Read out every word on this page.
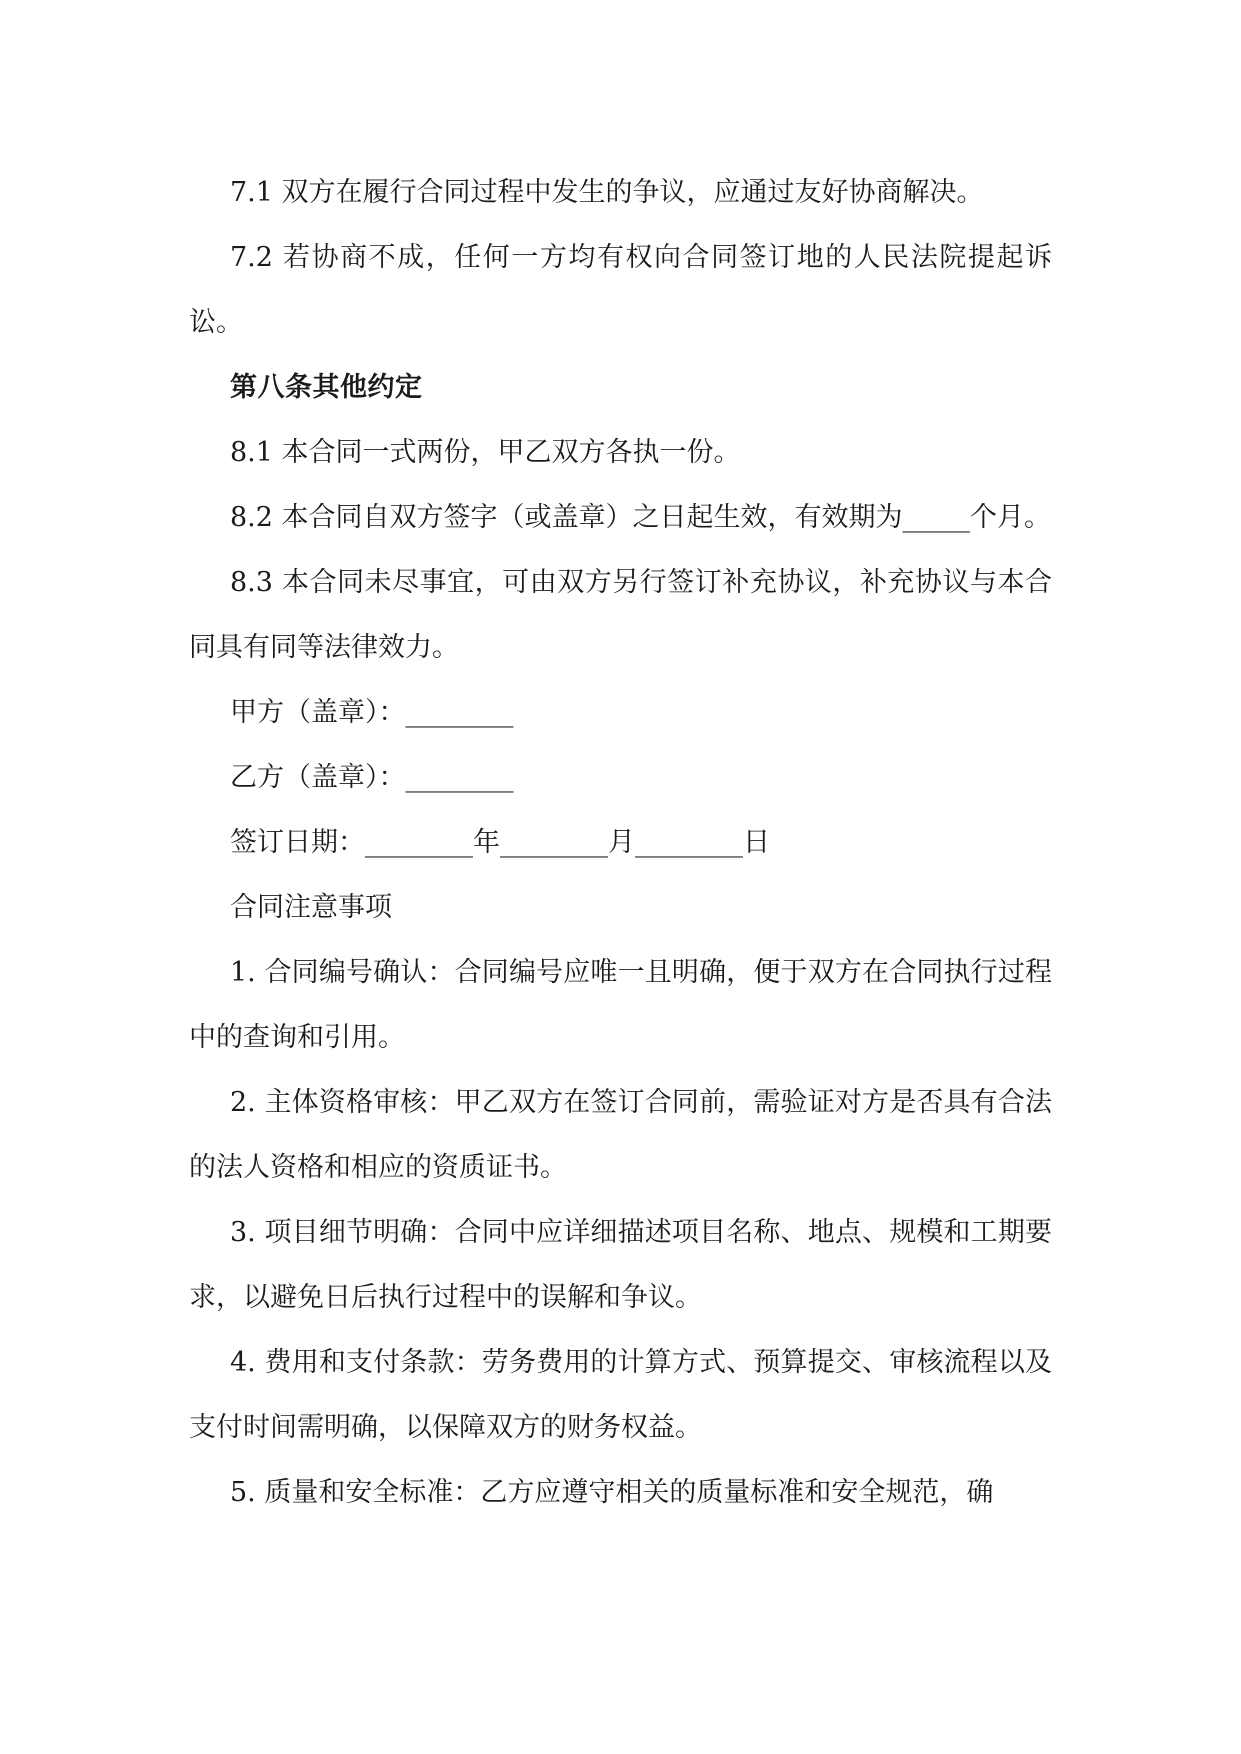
7.1 双方在履行合同过程中发生的争议，应通过友好协商解决。

7.2 若协商不成，任何一方均有权向合同签订地的人民法院提起诉讼。

第八条其他约定

8.1 本合同一式两份，甲乙双方各执一份。

8.2 本合同自双方签字（或盖章）之日起生效，有效期为_____个月。

8.3 本合同未尽事宜，可由双方另行签订补充协议，补充协议与本合同具有同等法律效力。

甲方（盖章）：________

乙方（盖章）：________

签订日期：________年________月________日

合同注意事项

1. 合同编号确认：合同编号应唯一且明确，便于双方在合同执行过程中的查询和引用。

2. 主体资格审核：甲乙双方在签订合同前，需验证对方是否具有合法的法人资格和相应的资质证书。

3. 项目细节明确：合同中应详细描述项目名称、地点、规模和工期要求，以避免日后执行过程中的误解和争议。

4. 费用和支付条款：劳务费用的计算方式、预算提交、审核流程以及支付时间需明确，以保障双方的财务权益。

5. 质量和安全标准：乙方应遵守相关的质量标准和安全规范，确
